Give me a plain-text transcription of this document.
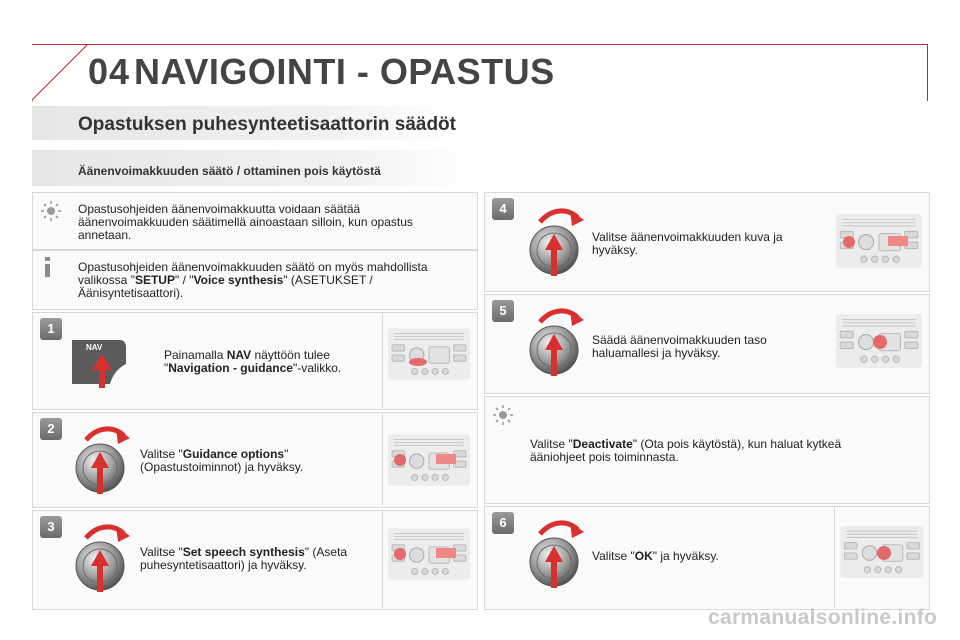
04 NAVIGOINTI - OPASTUS
Opastuksen puhesynteetisaattorin säädöt
Äänenvoimakkuuden säätö / ottaminen pois käytöstä
Opastusohjeiden äänenvoimakkuutta voidaan säätää äänenvoimakkuuden säätimellä ainoastaan silloin, kun opastus annetaan.
Opastusohjeiden äänenvoimakkuuden säätö on myös mahdollista valikossa "SETUP" / "Voice synthesis" (ASETUKSET / Äänisyntetisaattori).
1
NAV
Painamalla NAV näyttöön tulee "Navigation - guidance"-valikko.
2
Valitse "Guidance options" (Opastustoiminnot) ja hyväksy.
3
Valitse "Set speech synthesis" (Aseta puhesyntetisaattori) ja hyväksy.
4
Valitse äänenvoimakkuuden kuva ja hyväksy.
5
Säädä äänenvoimakkuuden taso haluamallesi ja hyväksy.
Valitse "Deactivate" (Ota pois käytöstä), kun haluat kytkeä ääniohjeet pois toiminnasta.
6
Valitse "OK" ja hyväksy.
carmanualsonline.info
